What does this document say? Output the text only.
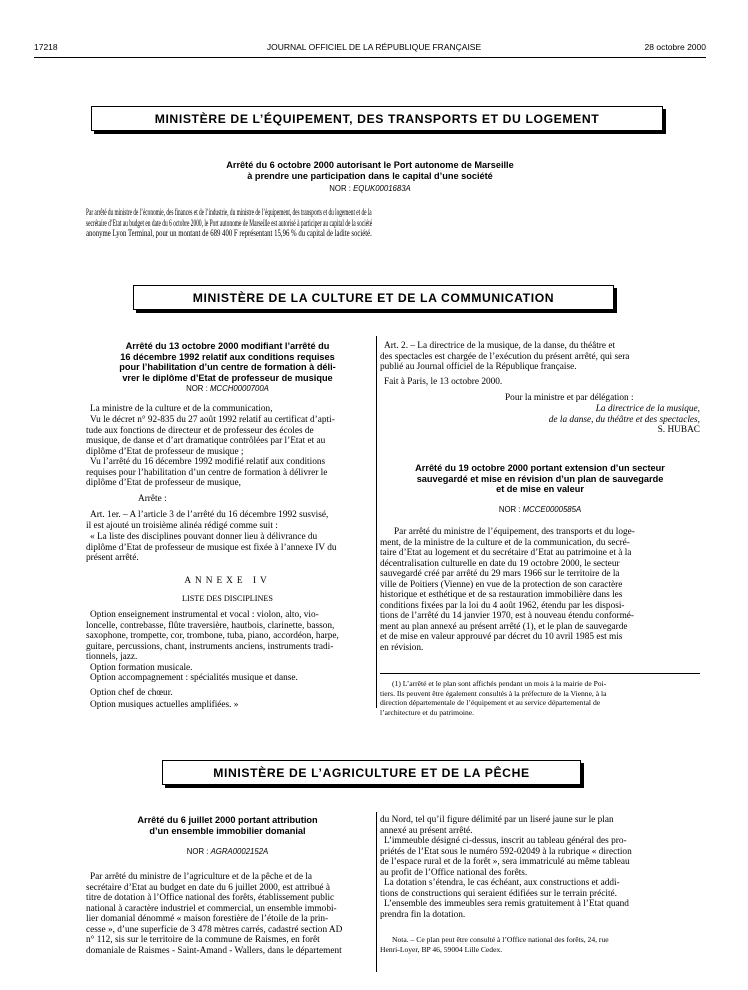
17218	JOURNAL OFFICIEL DE LA RÉPUBLIQUE FRANÇAISE	28 octobre 2000
MINISTÈRE DE L’ÉQUIPEMENT, DES TRANSPORTS ET DU LOGEMENT
Arrêté du 6 octobre 2000 autorisant le Port autonome de Marseille
à prendre une participation dans le capital d’une société
NOR : EQUK0001683A
Par arrêté du ministre de l’économie, des finances et de l’industrie, du ministre de l’équipement, des transports et du logement et de la
secrétaire d’Etat au budget en date du 6 octobre 2000, le Port autonome de Marseille est autorisé à participer au capital de la société
anonyme Lyon Terminal, pour un montant de 689 400 F représentant 15,96 % du capital de ladite société.
MINISTÈRE DE LA CULTURE ET DE LA COMMUNICATION
Arrêté du 13 octobre 2000 modifiant l’arrêté du
16 décembre 1992 relatif aux conditions requises
pour l’habilitation d’un centre de formation à déli-
vrer le diplôme d’Etat de professeur de musique
NOR : MCCH0000700A
La ministre de la culture et de la communication,
Vu le décret n° 92-835 du 27 août 1992 relatif au certificat d’apti-
tude aux fonctions de directeur et de professeur des écoles de
musique, de danse et d’art dramatique contrôlées par l’Etat et au
diplôme d’Etat de professeur de musique ;
Vu l’arrêté du 16 décembre 1992 modifié relatif aux conditions
requises pour l’habilitation d’un centre de formation à délivrer le
diplôme d’Etat de professeur de musique,
Arrête :
Art. 1er. – A l’article 3 de l’arrêté du 16 décembre 1992 susvisé,
il est ajouté un troisième alinéa rédigé comme suit :
« La liste des disciplines pouvant donner lieu à délivrance du
diplôme d’Etat de professeur de musique est fixée à l’annexe IV du
présent arrêté.
ANNEXE IV
LISTE DES DISCIPLINES
Option enseignement instrumental et vocal : violon, alto, vio-
loncelle, contrebasse, flûte traversière, hautbois, clarinette, basson,
saxophone, trompette, cor, trombone, tuba, piano, accordéon, harpe,
guitare, percussions, chant, instruments anciens, instruments tradi-
tionnels, jazz.
Option formation musicale.
Option accompagnement : spécialités musique et danse.
Option chef de chœur.
Option musiques actuelles amplifiées. »
Art. 2. – La directrice de la musique, de la danse, du théâtre et
des spectacles est chargée de l’exécution du présent arrêté, qui sera
publié au Journal officiel de la République française.
Fait à Paris, le 13 octobre 2000.
Pour la ministre et par délégation :
La directrice de la musique,
de la danse, du théâtre et des spectacles,
S. HUBAC
Arrêté du 19 octobre 2000 portant extension d’un secteur
sauvegardé et mise en révision d’un plan de sauvegarde
et de mise en valeur
NOR : MCCE0000585A
Par arrêté du ministre de l’équipement, des transports et du loge-
ment, de la ministre de la culture et de la communication, du secré-
taire d’Etat au logement et du secrétaire d’Etat au patrimoine et à la
décentralisation culturelle en date du 19 octobre 2000, le secteur
sauvegardé créé par arrêté du 29 mars 1966 sur le territoire de la
ville de Poitiers (Vienne) en vue de la protection de son caractère
historique et esthétique et de sa restauration immobilière dans les
conditions fixées par la loi du 4 août 1962, étendu par les disposi-
tions de l’arrêté du 14 janvier 1970, est à nouveau étendu conformé-
ment au plan annexé au présent arrêté (1), et le plan de sauvegarde
et de mise en valeur approuvé par décret du 10 avril 1985 est mis
en révision.
(1) L’arrêté et le plan sont affichés pendant un mois à la mairie de Poi-
tiers. Ils peuvent être également consultés à la préfecture de la Vienne, à la
direction départementale de l’équipement et au service départemental de
l’architecture et du patrimoine.
MINISTÈRE DE L’AGRICULTURE ET DE LA PÊCHE
Arrêté du 6 juillet 2000 portant attribution
d’un ensemble immobilier domanial
NOR : AGRA0002152A
Par arrêté du ministre de l’agriculture et de la pêche et de la
secrétaire d’Etat au budget en date du 6 juillet 2000, est attribué à
titre de dotation à l’Office national des forêts, établissement public
national à caractère industriel et commercial, un ensemble immobi-
lier domanial dénommé « maison forestière de l’étoile de la prin-
cesse », d’une superficie de 3 478 mètres carrés, cadastré section AD
n° 112, sis sur le territoire de la commune de Raismes, en forêt
domaniale de Raismes - Saint-Amand - Wallers, dans le département
du Nord, tel qu’il figure délimité par un liseré jaune sur le plan
annexé au présent arrêté.
L’immeuble désigné ci-dessus, inscrit au tableau général des pro-
priétés de l’Etat sous le numéro 592-02049 à la rubrique « direction
de l’espace rural et de la forêt », sera immatriculé au même tableau
au profit de l’Office national des forêts.
La dotation s’étendra, le cas échéant, aux constructions et addi-
tions de constructions qui seraient édifiées sur le terrain précité.
L’ensemble des immeubles sera remis gratuitement à l’Etat quand
prendra fin la dotation.
Nota. – Ce plan peut être consulté à l’Office national des forêts, 24, rue
Henri-Loyer, BP 46, 59004 Lille Cedex.
